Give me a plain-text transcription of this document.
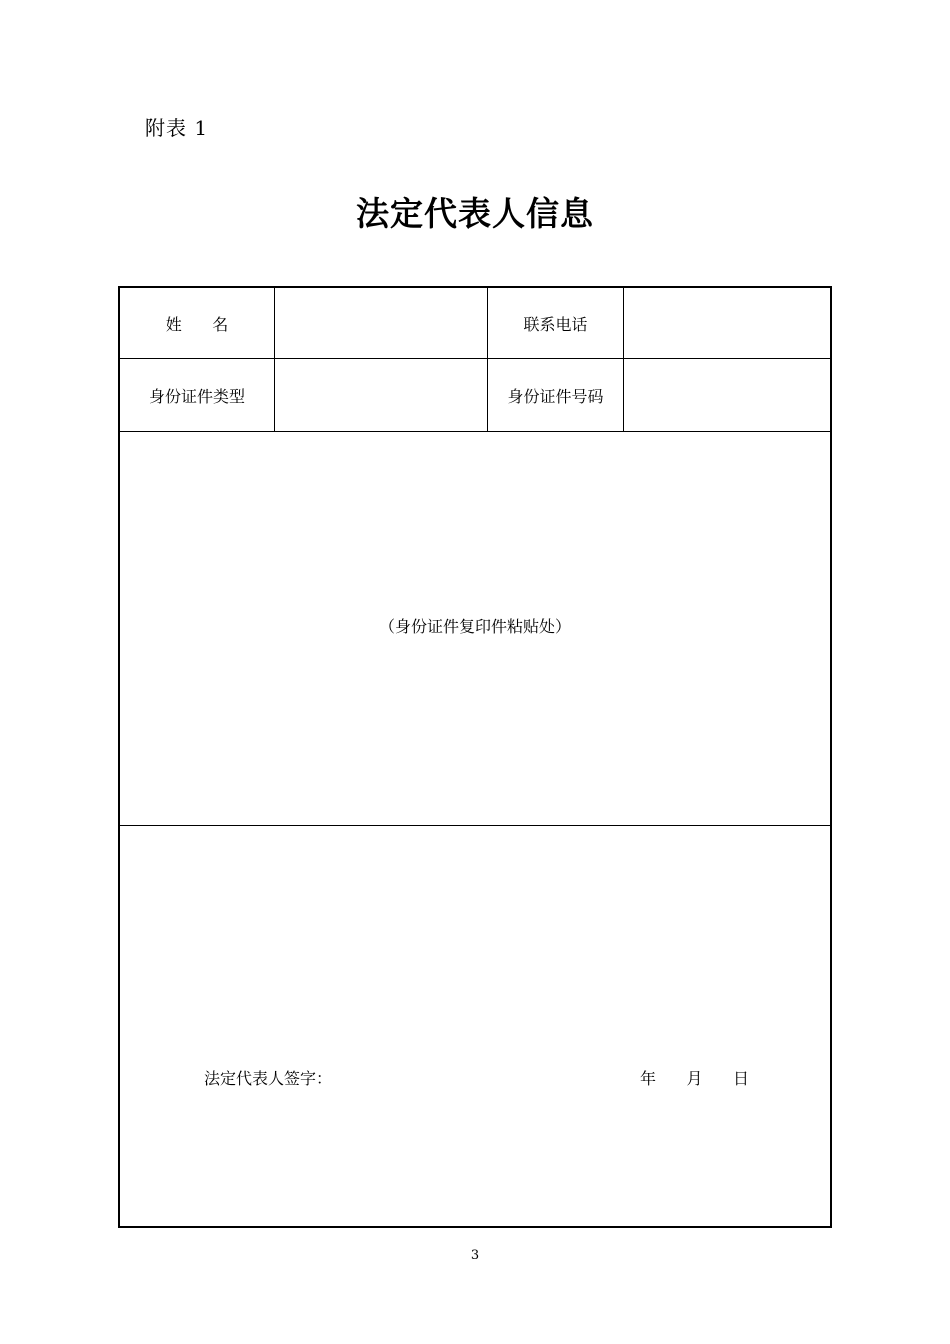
附表 1
法定代表人信息
姓      名	联系电话
身份证件类型	身份证件号码
（身份证件复印件粘贴处）
法定代表人签字：	年      月      日
3
